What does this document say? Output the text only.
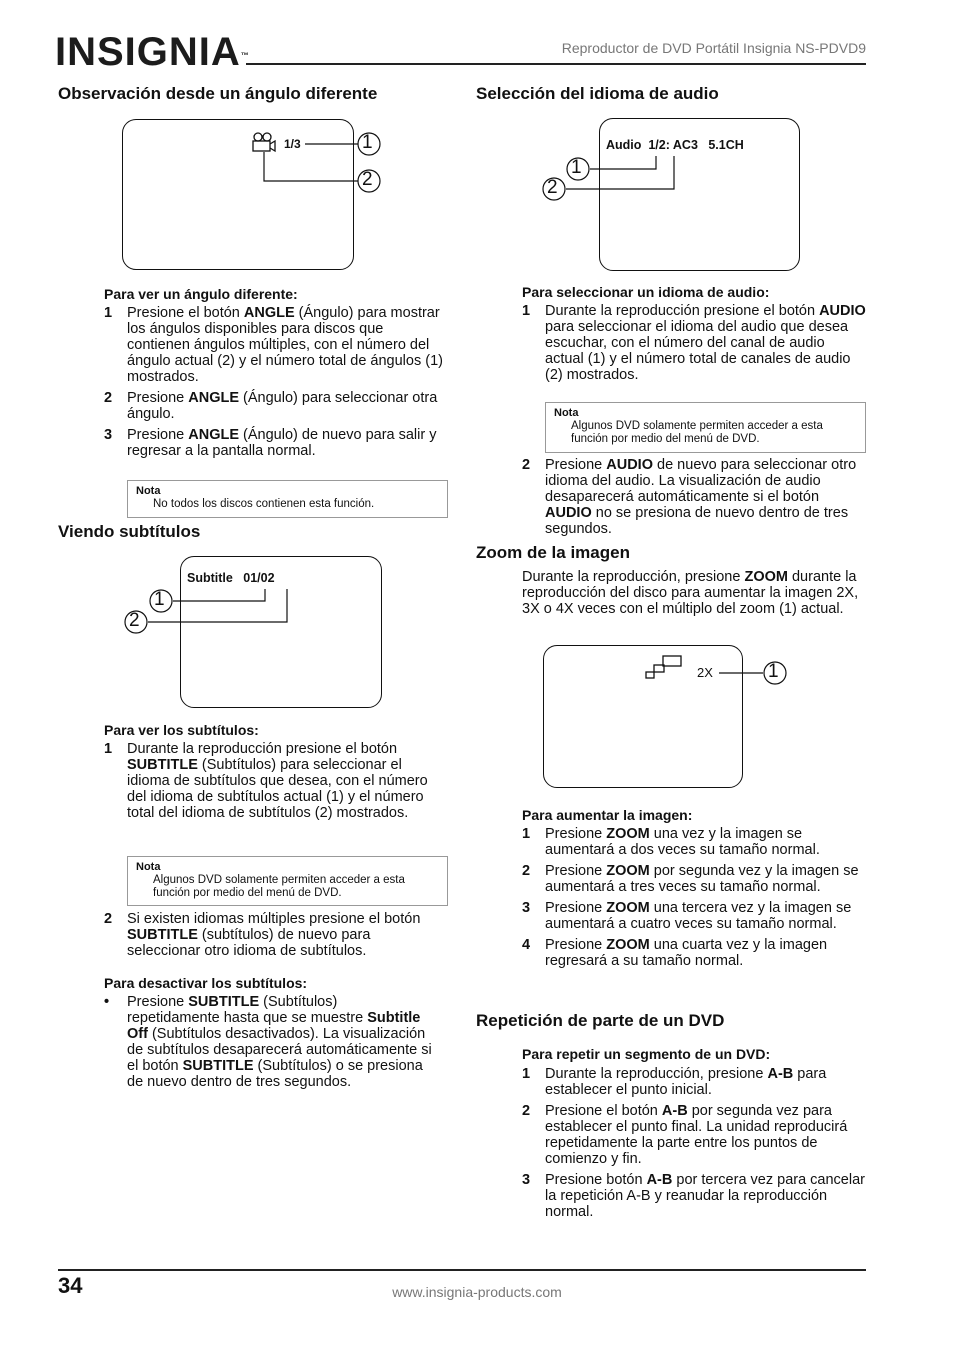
INSIGNIA™	Reproductor de DVD Portátil Insignia NS-PDVD9
Observación desde un ángulo diferente
1/3	1
2
Para ver un ángulo diferente:
1 Presione el botón ANGLE (Ángulo) para mostrar los ángulos disponibles para discos que contienen ángulos múltiples, con el número del ángulo actual (2) y el número total de ángulos (1) mostrados.
2 Presione ANGLE (Ángulo) para seleccionar otra ángulo.
3 Presione ANGLE (Ángulo) de nuevo para salir y regresar a la pantalla normal.
Nota
No todos los discos contienen esta función.
Viendo subtítulos
Subtitle   01/02
1
2
Para ver los subtítulos:
1 Durante la reproducción presione el botón SUBTITLE (Subtítulos) para seleccionar el idioma de subtítulos que desea, con el número del idioma de subtítulos actual (1) y el número total del idioma de subtítulos (2) mostrados.
Nota
Algunos DVD solamente permiten acceder a esta función por medio del menú de DVD.
2 Si existen idiomas múltiples presione el botón SUBTITLE (subtítulos) de nuevo para seleccionar otro idioma de subtítulos.
Para desactivar los subtítulos:
• Presione SUBTITLE (Subtítulos) repetidamente hasta que se muestre Subtitle Off (Subtítulos desactivados). La visualización de subtítulos desaparecerá automáticamente si el botón SUBTITLE (Subtítulos) o se presiona de nuevo dentro de tres segundos.
Selección del idioma de audio
Audio  1/2: AC3   5.1CH
1
2
Para seleccionar un idioma de audio:
1 Durante la reproducción presione el botón AUDIO para seleccionar el idioma del audio que desea escuchar, con el número del canal de audio actual (1) y el número total de canales de audio (2) mostrados.
Nota
Algunos DVD solamente permiten acceder a esta función por medio del menú de DVD.
2 Presione AUDIO de nuevo para seleccionar otro idioma del audio. La visualización de audio desaparecerá automáticamente si el botón AUDIO no se presiona de nuevo dentro de tres segundos.
Zoom de la imagen
Durante la reproducción, presione ZOOM durante la reproducción del disco para aumentar la imagen 2X, 3X o 4X veces con el múltiplo del zoom (1) actual.
2X	1
Para aumentar la imagen:
1 Presione ZOOM una vez y la imagen se aumentará a dos veces su tamaño normal.
2 Presione ZOOM por segunda vez y la imagen se aumentará a tres veces su tamaño normal.
3 Presione ZOOM una tercera vez y la imagen se aumentará a cuatro veces su tamaño normal.
4 Presione ZOOM una cuarta vez y la imagen regresará a su tamaño normal.
Repetición de parte de un DVD
Para repetir un segmento de un DVD:
1 Durante la reproducción, presione A-B para establecer el punto inicial.
2 Presione el botón A-B por segunda vez para establecer el punto final. La unidad reproducirá repetidamente la parte entre los puntos de comienzo y fin.
3 Presione botón A-B por tercera vez para cancelar la repetición A-B y reanudar la reproducción normal.
34	www.insignia-products.com
